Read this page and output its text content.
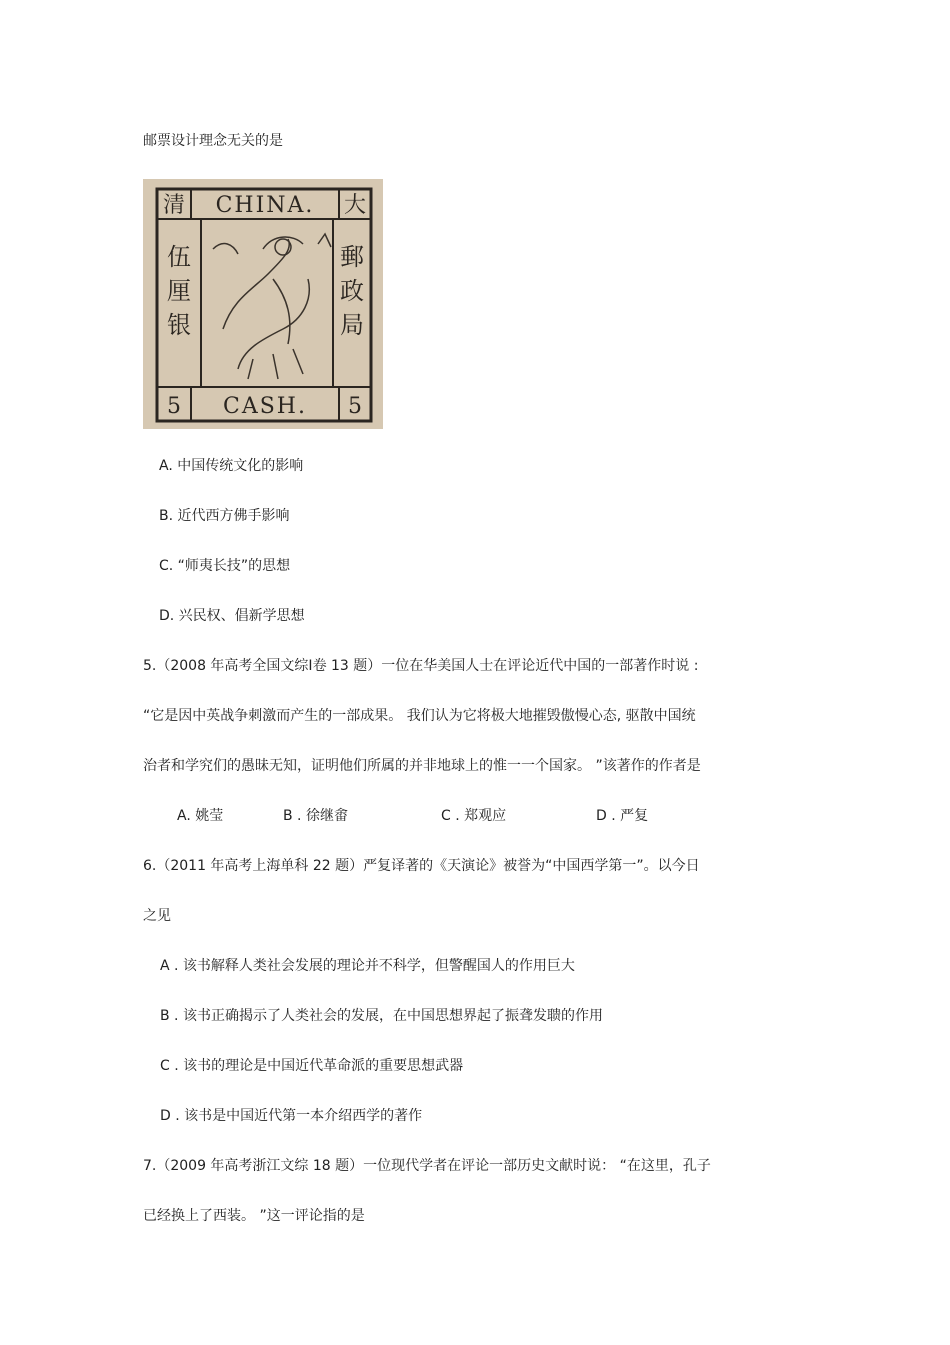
邮票设计理念无关的是
清 CHINA. 大
伍
厘
银
郵
政
局
5 CASH. 5
A. 中国传统文化的影响
B. 近代西方佛手影响
C. “师夷长技”的思想
D. 兴民权、倡新学思想
5.（2008 年高考全国文综Ⅰ卷 13 题）一位在华美国人士在评论近代中国的一部著作时说 :
“它是因中英战争刺激而产生的一部成果。 我们认为它将极大地摧毁傲慢心态, 驱散中国统
治者和学究们的愚昧无知，证明他们所属的并非地球上的惟一一个国家。 ”该著作的作者是
A. 姚莹	B . 徐继畬	C . 郑观应	D . 严复
6.（2011 年高考上海单科 22 题）严复译著的《天演论》被誉为“中国西学第一”。以今日
之见
A . 该书解释人类社会发展的理论并不科学，但警醒国人的作用巨大
B . 该书正确揭示了人类社会的发展，在中国思想界起了振聋发聩的作用
C . 该书的理论是中国近代革命派的重要思想武器
D . 该书是中国近代第一本介绍西学的著作
7.（2009 年高考浙江文综 18 题）一位现代学者在评论一部历史文献时说： “在这里，孔子
已经换上了西装。 ”这一评论指的是
